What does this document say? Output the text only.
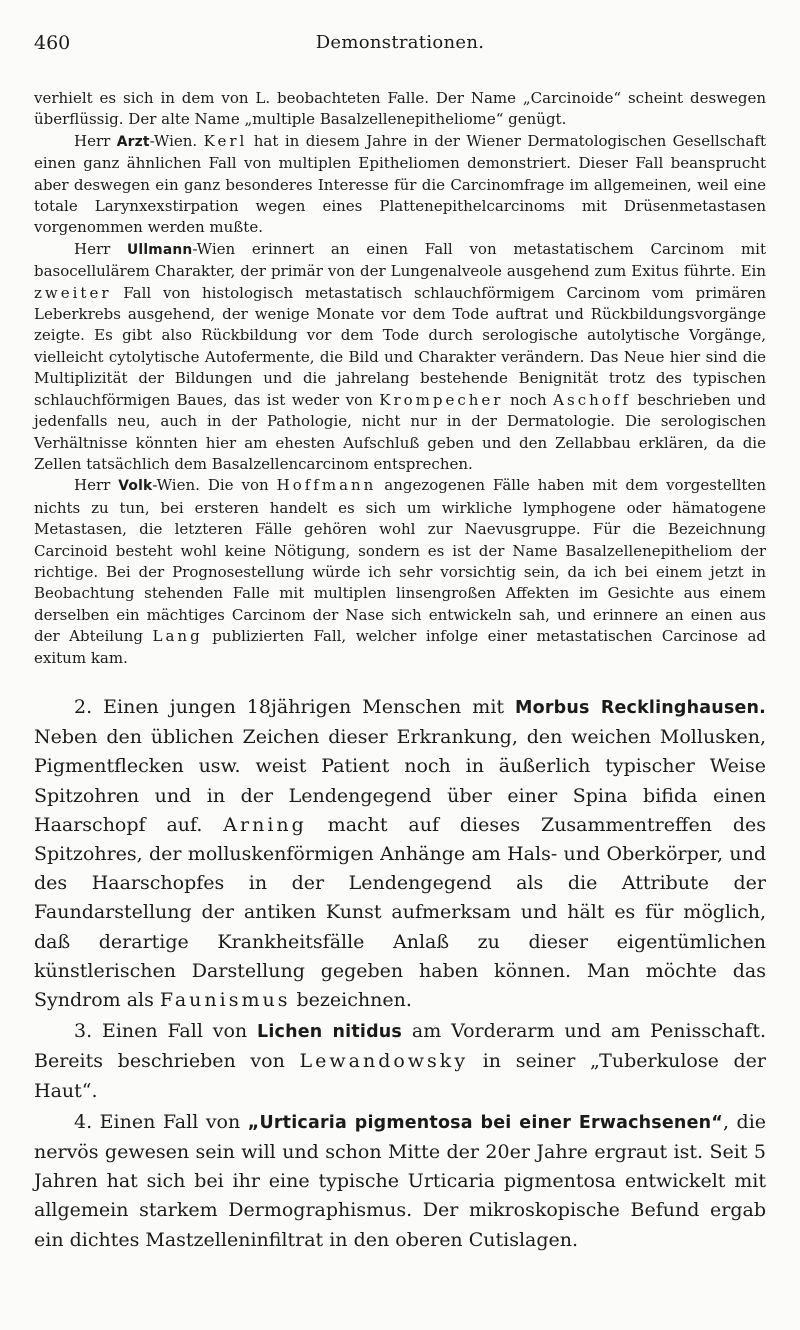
460	Demonstrationen.

verhielt es sich in dem von L. beobachteten Falle. Der Name „Carcinoide“ scheint deswegen überflüssig. Der alte Name „multiple Basalzellenepitheliome“ genügt.

Herr Arzt-Wien. Kerl hat in diesem Jahre in der Wiener Dermatologischen Gesellschaft einen ganz ähnlichen Fall von multiplen Epitheliomen demonstriert. Dieser Fall beansprucht aber deswegen ein ganz besonderes Interesse für die Carcinomfrage im allgemeinen, weil eine totale Larynxexstirpation wegen eines Plattenepithelcarcinoms mit Drüsenmetastasen vorgenommen werden mußte.

Herr Ullmann-Wien erinnert an einen Fall von metastatischem Carcinom mit basocellulärem Charakter, der primär von der Lungenalveole ausgehend zum Exitus führte. Ein zweiter Fall von histologisch metastatisch schlauchförmigem Carcinom vom primären Leberkrebs ausgehend, der wenige Monate vor dem Tode auftrat und Rückbildungsvorgänge zeigte. Es gibt also Rückbildung vor dem Tode durch serologische autolytische Vorgänge, vielleicht cytolytische Autofermente, die Bild und Charakter verändern. Das Neue hier sind die Multiplizität der Bildungen und die jahrelang bestehende Benignität trotz des typischen schlauchförmigen Baues, das ist weder von Krompecher noch Aschoff beschrieben und jedenfalls neu, auch in der Pathologie, nicht nur in der Dermatologie. Die serologischen Verhältnisse könnten hier am ehesten Aufschluß geben und den Zellabbau erklären, da die Zellen tatsächlich dem Basalzellencarcinom entsprechen.

Herr Volk-Wien. Die von Hoffmann angezogenen Fälle haben mit dem vorgestellten nichts zu tun, bei ersteren handelt es sich um wirkliche lymphogene oder hämatogene Metastasen, die letzteren Fälle gehören wohl zur Naevusgruppe. Für die Bezeichnung Carcinoid besteht wohl keine Nötigung, sondern es ist der Name Basalzellenepitheliom der richtige. Bei der Prognosestellung würde ich sehr vorsichtig sein, da ich bei einem jetzt in Beobachtung stehenden Falle mit multiplen linsengroßen Affekten im Gesichte aus einem derselben ein mächtiges Carcinom der Nase sich entwickeln sah, und erinnere an einen aus der Abteilung Lang publizierten Fall, welcher infolge einer metastatischen Carcinose ad exitum kam.

2. Einen jungen 18jährigen Menschen mit Morbus Recklinghausen. Neben den üblichen Zeichen dieser Erkrankung, den weichen Mollusken, Pigmentflecken usw. weist Patient noch in äußerlich typischer Weise Spitzohren und in der Lendengegend über einer Spina bifida einen Haarschopf auf. Arning macht auf dieses Zusammentreffen des Spitzohres, der molluskenförmigen Anhänge am Hals- und Oberkörper, und des Haarschopfes in der Lendengegend als die Attribute der Faundarstellung der antiken Kunst aufmerksam und hält es für möglich, daß derartige Krankheitsfälle Anlaß zu dieser eigentümlichen künstlerischen Darstellung gegeben haben können. Man möchte das Syndrom als Faunismus bezeichnen.

3. Einen Fall von Lichen nitidus am Vorderarm und am Penisschaft. Bereits beschrieben von Lewandowsky in seiner „Tuberkulose der Haut“.

4. Einen Fall von „Urticaria pigmentosa bei einer Erwachsenen“, die nervös gewesen sein will und schon Mitte der 20er Jahre ergraut ist. Seit 5 Jahren hat sich bei ihr eine typische Urticaria pigmentosa entwickelt mit allgemein starkem Dermographismus. Der mikroskopische Befund ergab ein dichtes Mastzelleninfiltrat in den oberen Cutislagen.
